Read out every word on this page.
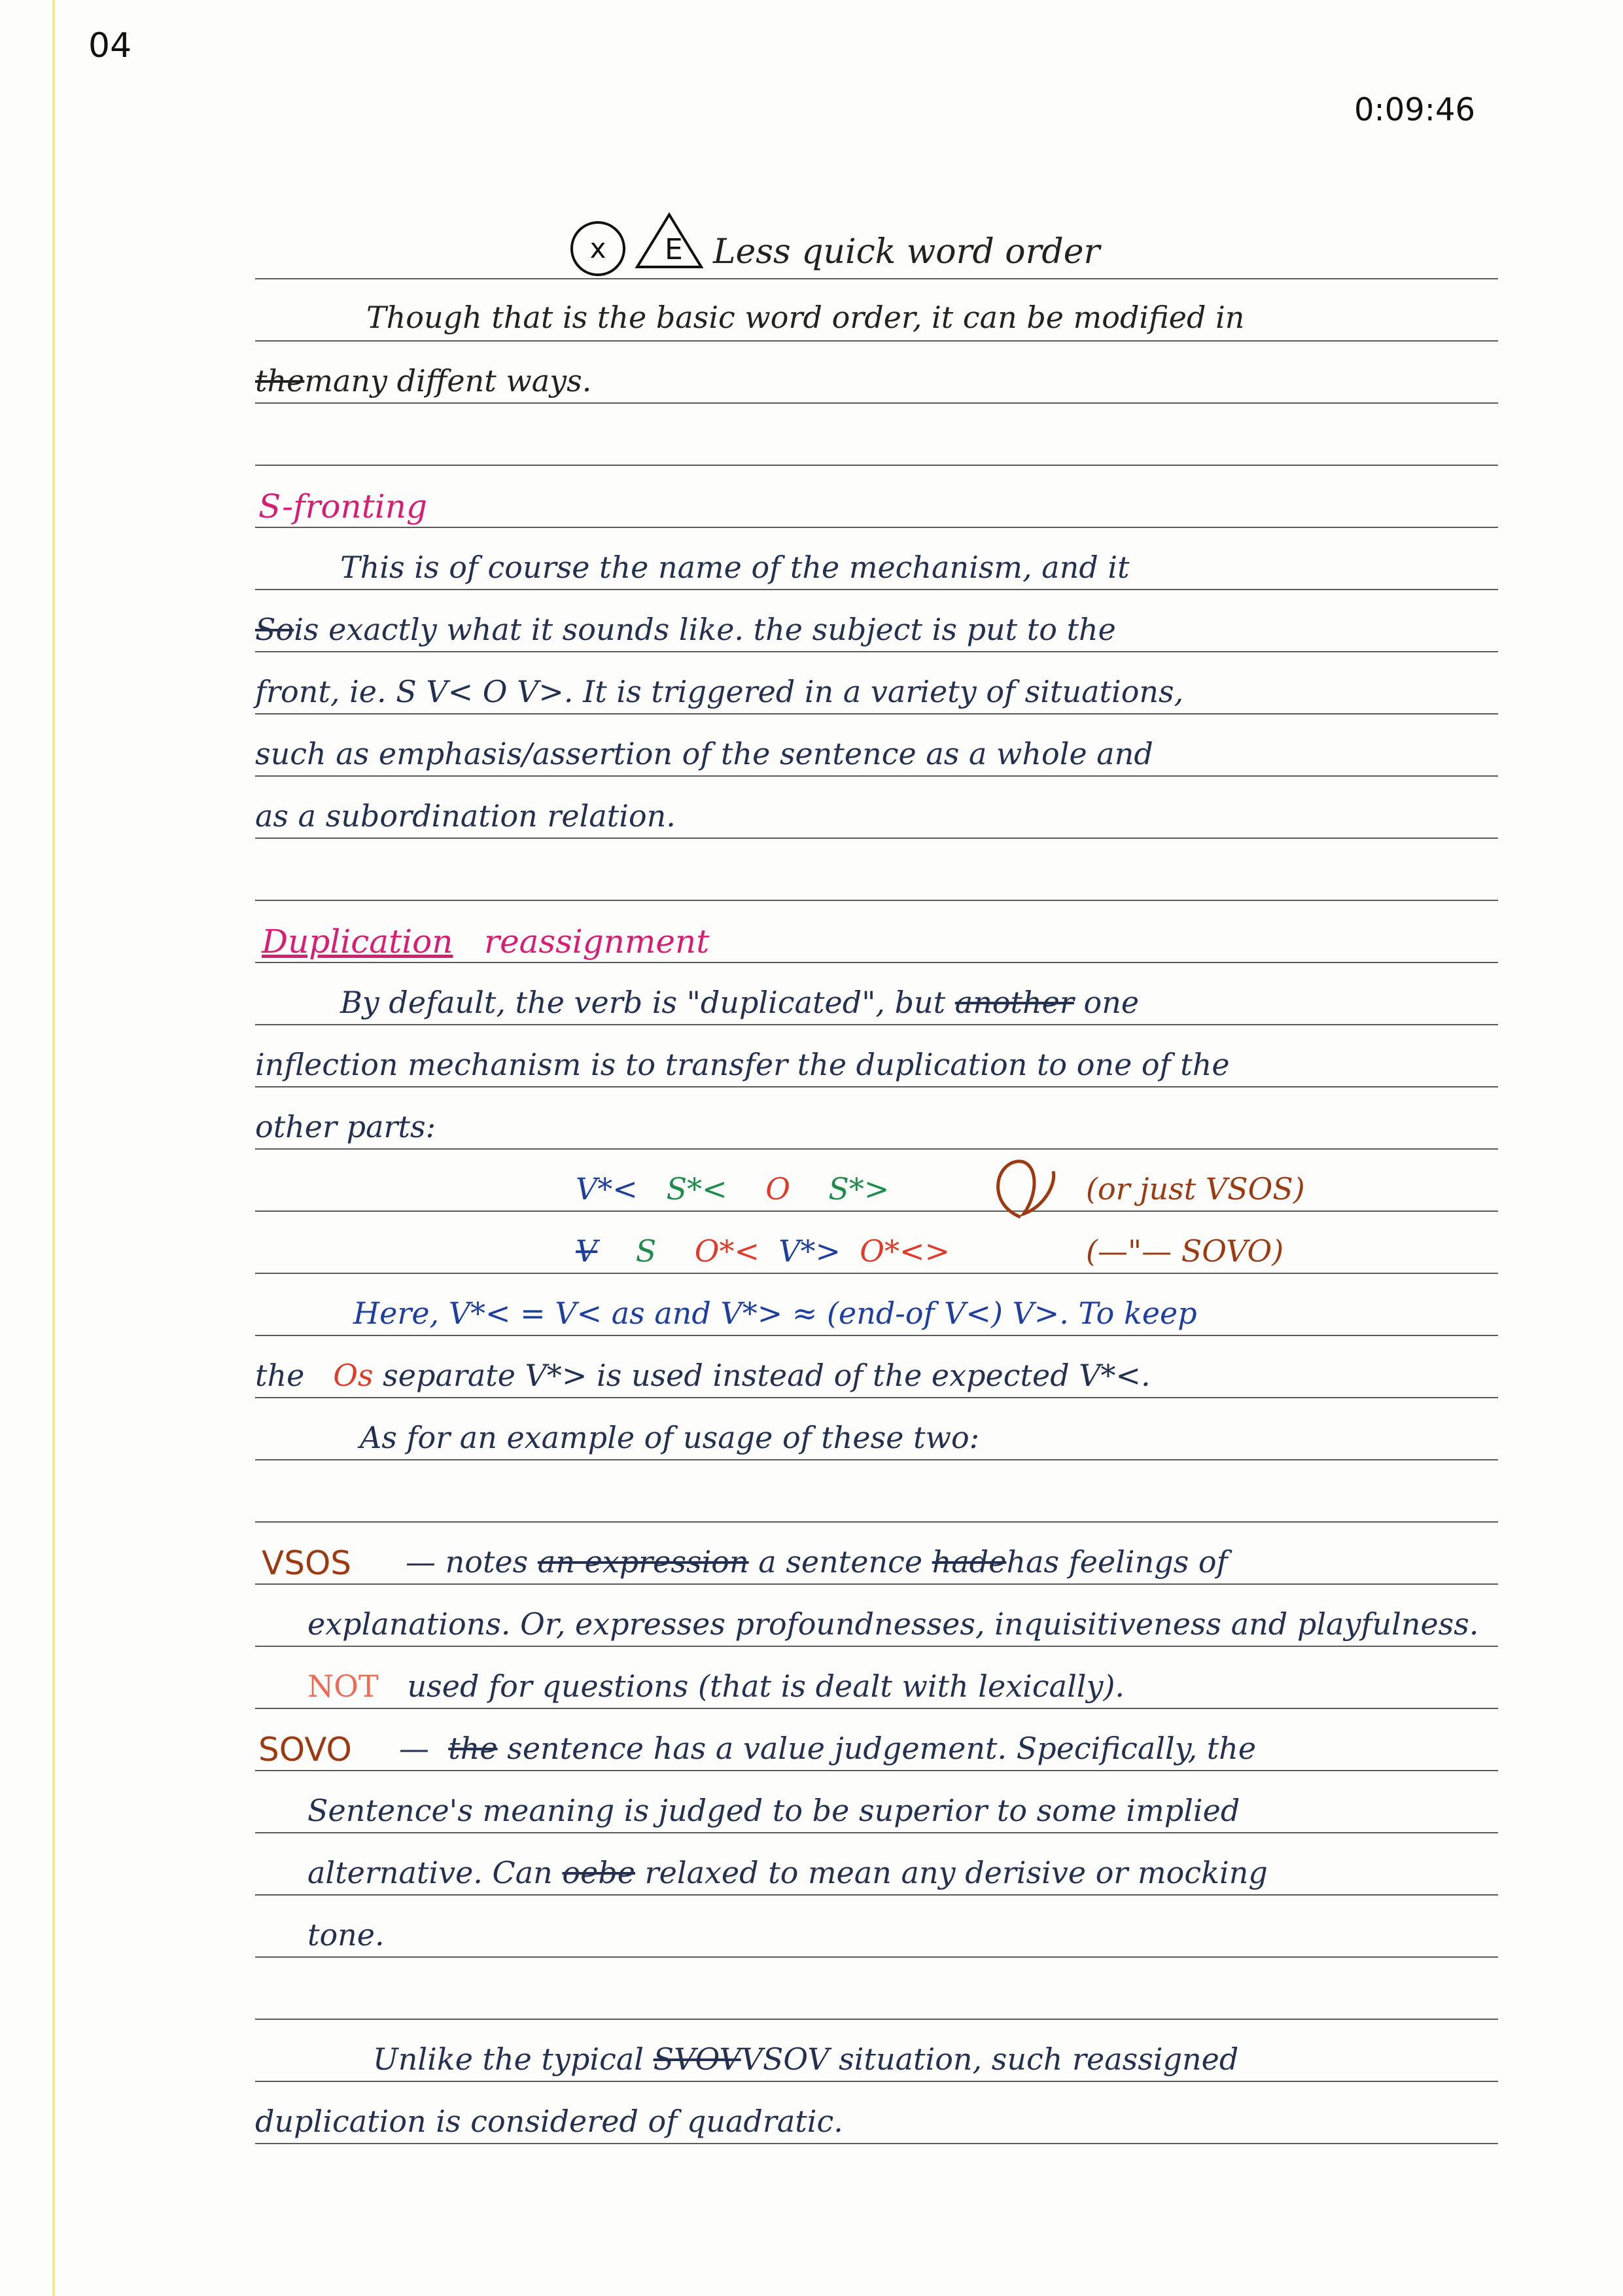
04
0:09:46
x	E Less quick word order
Though that is the basic word order, it can be modified in
themany diffent ways.
S-fronting
This is of course the name of the mechanism, and it
Sois exactly what it sounds like. the subject is put to the
front, ie. S V< O V>. It is triggered in a variety of situations,
such as emphasis/assertion of the sentence as a whole and
as a subordination relation.
Duplication reassignment
By default, the verb is "duplicated", but another one
inflection mechanism is to transfer the duplication to one of the
other parts:
V*< S*< O S*>	(or just VSOS)
V S O*< V*> O*<>	(—"— SOVO)
Here, V*< = V< as and V*> ≈ (end-of V<) V>. To keep
the Os separate V*> is used instead of the expected V*<.
As for an example of usage of these two:
VSOS — notes an expression a sentence hadehas feelings of
explanations. Or, expresses profoundnesses, inquisitiveness and playfulness.
NOT used for questions (that is dealt with lexically).
SOVO — the sentence has a value judgement. Specifically, the
Sentence's meaning is judged to be superior to some implied
alternative. Can oebe relaxed to mean any derisive or mocking
tone.
Unlike the typical SVOVVSOV situation, such reassigned
duplication is considered of quadratic.
